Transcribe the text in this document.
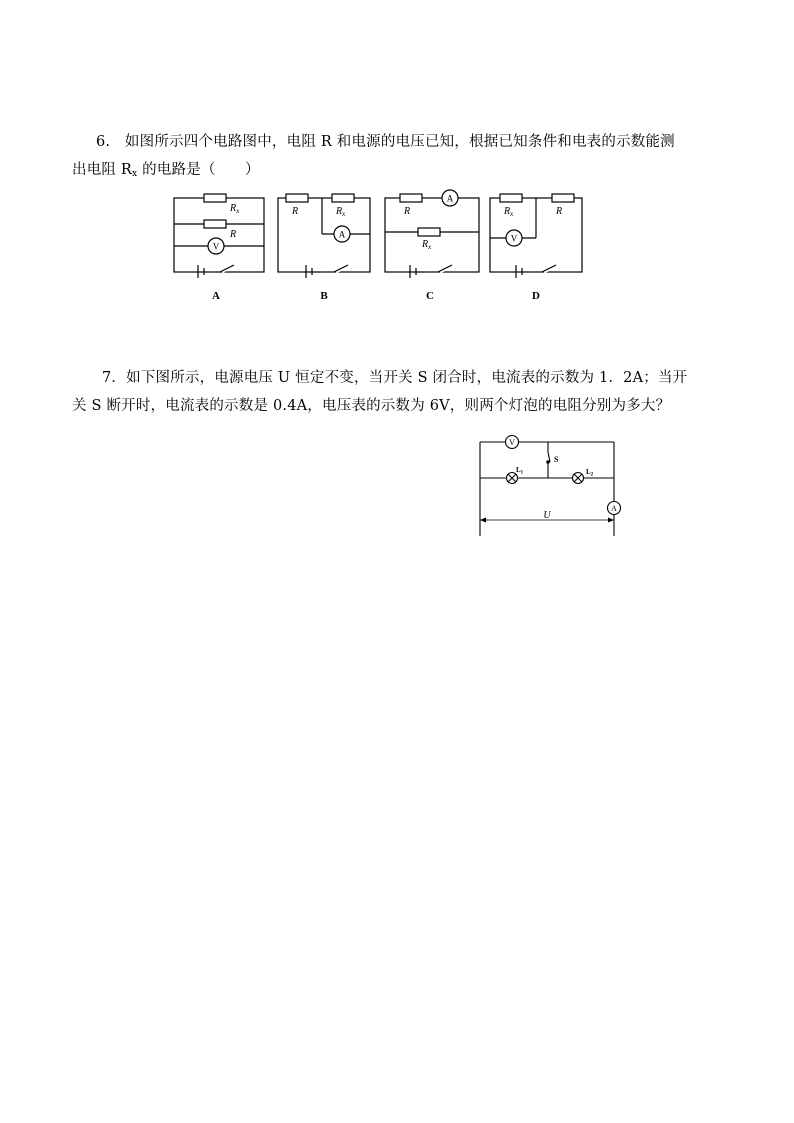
6.　如图所示四个电路图中，电阻 R 和电源的电压已知，根据已知条件和电表的示数能测
出电阻 $R_x$ 的电路是（　　）
$R_x$
R
V
A
R	$R_x$
A
B
R
A
$R_x$
C
$R_x$	R
V
D
7．如下图所示，电源电压 U 恒定不变，当开关 S 闭合时，电流表的示数为 1．2A；当开
关 S 断开时，电流表的示数是 0.4A，电压表的示数为 6V，则两个灯泡的电阻分别为多大？
V
A
S
$L_1$	$L_2$
U
